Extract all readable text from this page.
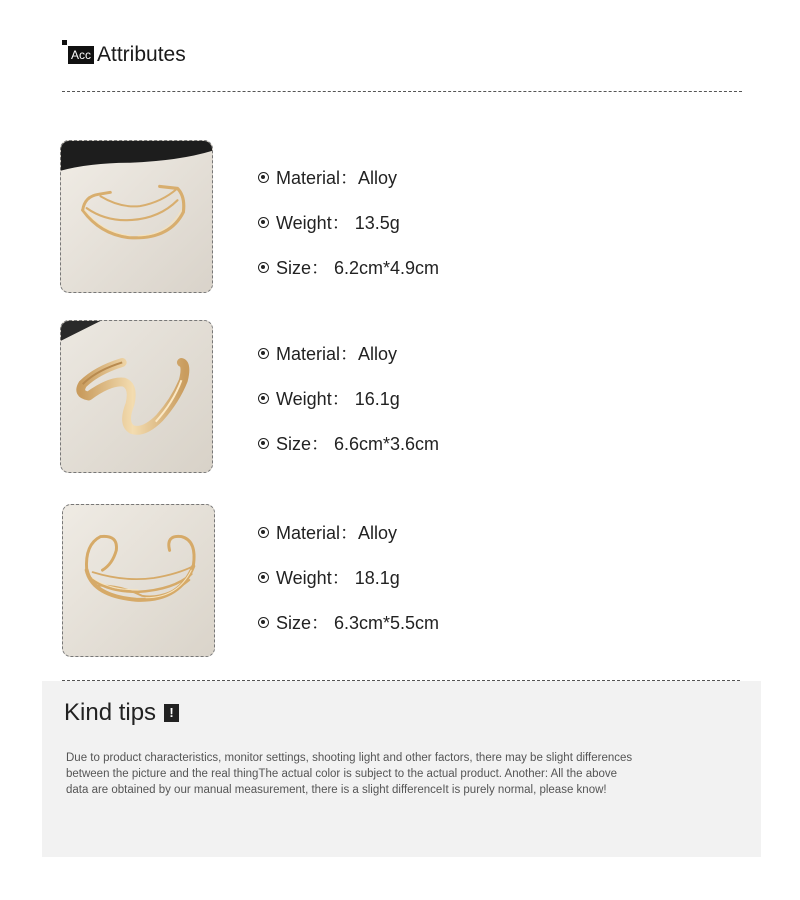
Acc Attributes
Material：Alloy
Weight： 13.5g
Size： 6.2cm*4.9cm
Material：Alloy
Weight： 16.1g
Size： 6.6cm*3.6cm
Material：Alloy
Weight： 18.1g
Size： 6.3cm*5.5cm
Kind tips	!

Due to product characteristics, monitor settings, shooting light and other factors, there may be slight differences between the picture and the real thingThe actual color is subject to the actual product. Another: All the above data are obtained by our manual measurement, there is a slight differenceIt is purely normal, please know!
